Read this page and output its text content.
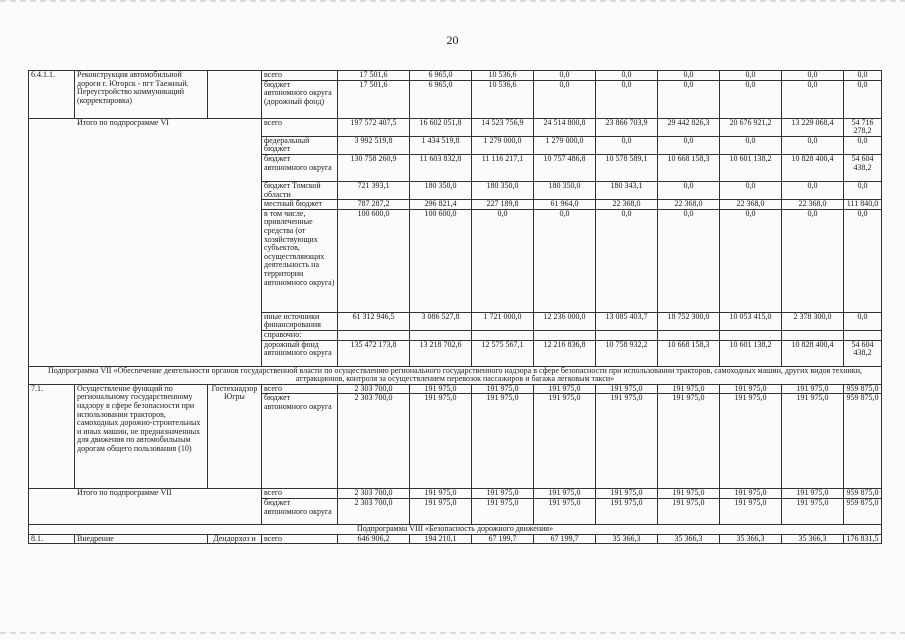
20
6.4.1.1.	Реконструкция автомобильной дороги г. Югорск - пгт Таежный. Переустройство коммуникаций (корректировка)		всего	17 501,6	6 965,0	10 536,6	0,0	0,0	0,0	0,0	0,0	0,0
			бюджет автономного округа (дорожный фонд)	17 501,6	6 965,0	10 536,6	0,0	0,0	0,0	0,0	0,0	0,0
Итого по подпрограмме VI			всего	197 572 407,5	16 602 051,8	14 523 756,9	24 514 800,8	23 866 703,9	29 442 826,3	20 676 921,2	13 229 068,4	54 716 278,2
			федеральный бюджет	3 992 519,8	1 434 519,8	1 279 000,0	1 279 000,0	0,0	0,0	0,0	0,0	0,0
			бюджет автономного округа	130 758 260,9	11 603 832,8	11 116 217,1	10 757 486,8	10 578 589,1	10 668 158,3	10 601 138,2	10 828 400,4	54 604 438,2
			бюджет Томской области	721 393,1	180 350,0	180 350,0	180 350,0	180 343,1	0,0	0,0	0,0	0,0
			местный бюджет	787 287,2	296 821,4	227 189,8	61 964,0	22 368,0	22 368,0	22 368,0	22 368,0	111 840,0
			в том числе, привлеченные средства (от хозяйствующих субъектов, осуществляющих деятельность на территории автономного округа)	100 600,0	100 600,0	0,0	0,0	0,0	0,0	0,0	0,0	0,0
			иные источники финансирования	61 312 946,5	3 086 527,8	1 721 000,0	12 236 000,0	13 085 403,7	18 752 300,0	10 053 415,0	2 378 300,0	0,0
			справочно:									
			дорожный фонд автономного округа	135 472 173,8	13 218 702,6	12 575 567,1	12 216 836,8	10 758 932,2	10 668 158,3	10 601 138,2	10 828 400,4	54 604 438,2
Подпрограмма VII «Обеспечение деятельности органов государственной власти по осуществлению регионального государственного надзора в сфере безопасности при использовании тракторов, самоходных машин, других видов техники, аттракционов, контроля за осуществлением перевозок пассажиров и багажа легковым такси»												
7.1.	Осуществление функций по региональному государственному надзору в сфере безопасности при использовании тракторов, самоходных дорожно-строительных и иных машин, не предназначенных для движения по автомобильным дорогам общего пользования (10)	Гостехнадзор Югры	всего	2 303 700,0	191 975,0	191 975,0	191 975,0	191 975,0	191 975,0	191 975,0	191 975,0	959 875,0
			бюджет автономного округа	2 303 700,0	191 975,0	191 975,0	191 975,0	191 975,0	191 975,0	191 975,0	191 975,0	959 875,0
Итого по подпрограмме VII			всего	2 303 700,0	191 975,0	191 975,0	191 975,0	191 975,0	191 975,0	191 975,0	191 975,0	959 875,0
			бюджет автономного округа	2 303 700,0	191 975,0	191 975,0	191 975,0	191 975,0	191 975,0	191 975,0	191 975,0	959 875,0
Подпрограмма VIII «Безопасность дорожного движения»												
8.1.	Внедрение	Дендорхоз и	всего	646 906,2	194 210,1	67 199,7	67 199,7	35 366,3	35 366,3	35 366,3	35 366,3	176 831,5
